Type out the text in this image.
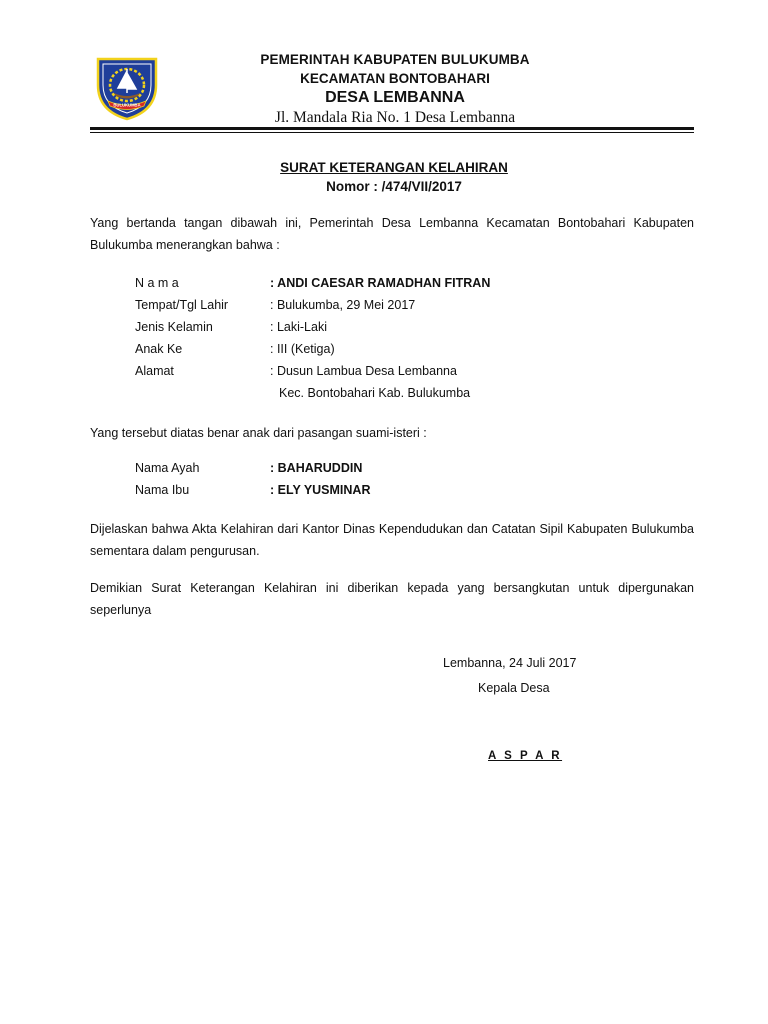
BULUKUMBA
PEMERINTAH KABUPATEN BULUKUMBA
KECAMATAN BONTOBAHARI
DESA LEMBANNA
Jl. Mandala Ria No. 1 Desa Lembanna
SURAT KETERANGAN KELAHIRAN
Nomor : /474/VII/2017
Yang bertanda tangan dibawah ini, Pemerintah Desa Lembanna Kecamatan Bontobahari Kabupaten Bulukumba menerangkan bahwa :
N a m a	: ANDI CAESAR RAMADHAN FITRAN
Tempat/Tgl Lahir	: Bulukumba, 29 Mei 2017
Jenis Kelamin	: Laki-Laki
Anak Ke	: III (Ketiga)
Alamat	: Dusun Lambua Desa Lembanna
Kec. Bontobahari Kab. Bulukumba
Yang tersebut diatas benar anak dari pasangan suami-isteri :
Nama Ayah	: BAHARUDDIN
Nama Ibu	: ELY YUSMINAR
Dijelaskan bahwa Akta Kelahiran dari Kantor Dinas Kependudukan dan Catatan Sipil Kabupaten Bulukumba sementara dalam pengurusan.
Demikian Surat Keterangan Kelahiran ini diberikan kepada yang bersangkutan untuk dipergunakan seperlunya
Lembanna, 24 Juli 2017
Kepala Desa
A S P A R
